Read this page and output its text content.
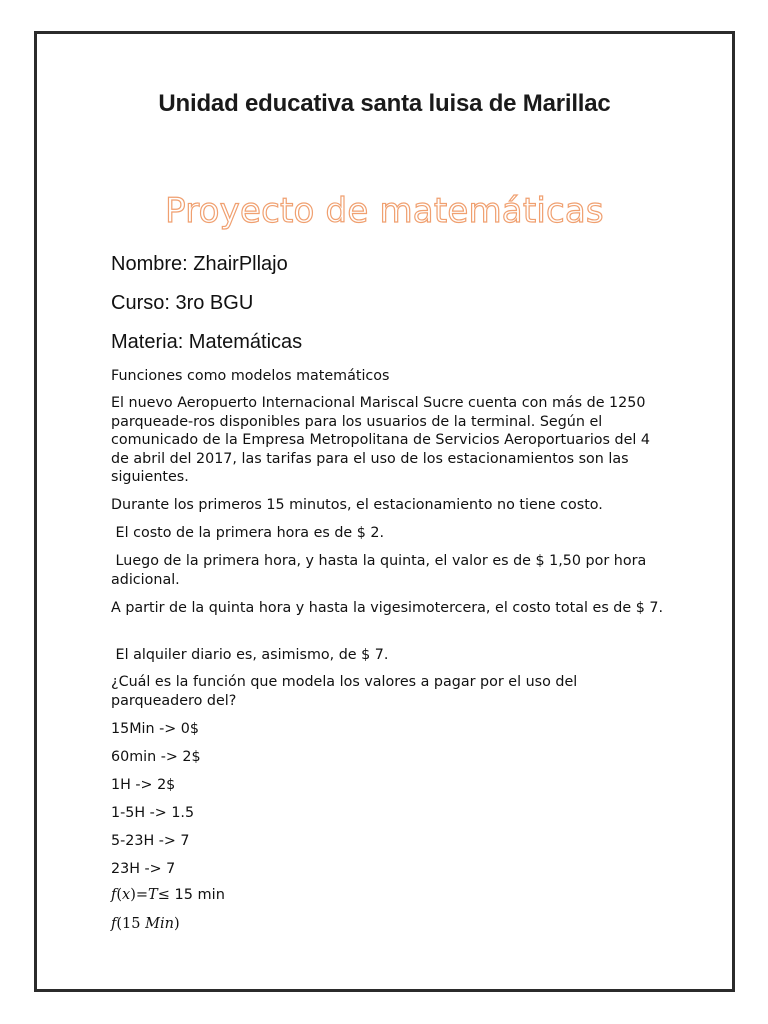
Unidad educativa santa luisa de Marillac
Proyecto de matemáticas
Nombre: ZhairPllajo
Curso: 3ro BGU
Materia: Matemáticas
Funciones como modelos matemáticos
El nuevo Aeropuerto Internacional Mariscal Sucre cuenta con más de 1250 parqueade-ros disponibles para los usuarios de la terminal. Según el comunicado de la Empresa Metropolitana de Servicios Aeroportuarios del 4 de abril del 2017, las tarifas para el uso de los estacionamientos son las siguientes.
Durante los primeros 15 minutos, el estacionamiento no tiene costo.
El costo de la primera hora es de $ 2.
Luego de la primera hora, y hasta la quinta, el valor es de $ 1,50 por hora adicional.
A partir de la quinta hora y hasta la vigesimotercera, el costo total es de $ 7.
El alquiler diario es, asimismo, de $ 7.
¿Cuál es la función que modela los valores a pagar por el uso del parqueadero del?
15Min -> 0$
60min -> 2$
1H -> 2$
1-5H -> 1.5
5-23H -> 7
23H -> 7
f(x)=T≤ 15 min
f(15 Min)
